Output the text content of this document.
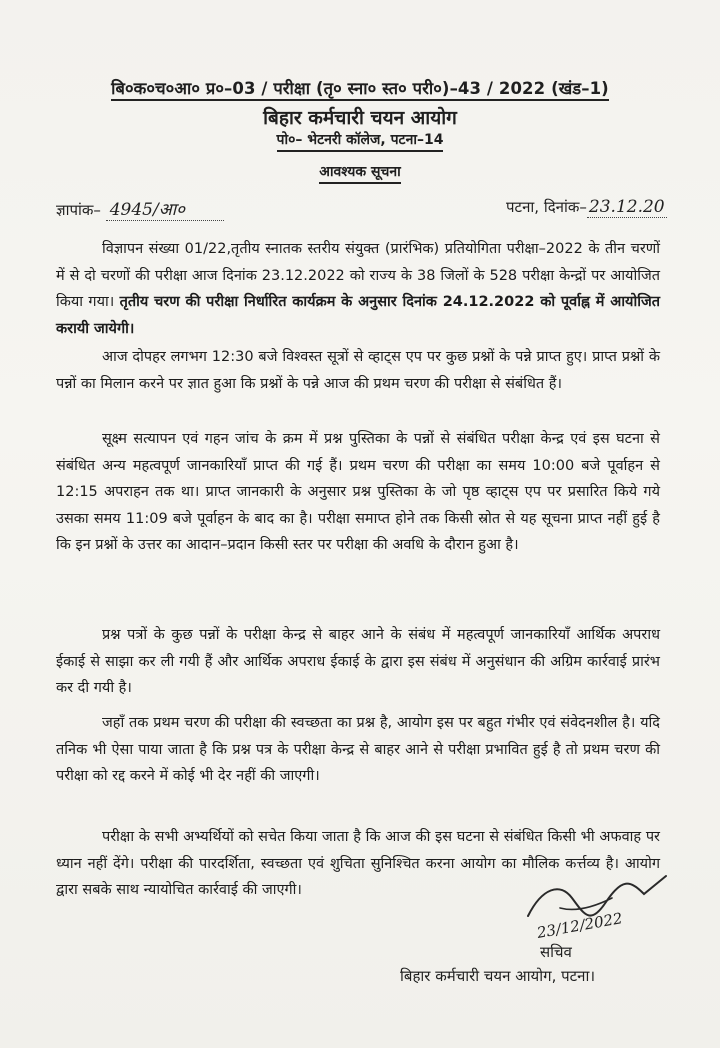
बि०क०च०आ० प्र०–03 / परीक्षा (तृ० स्ना० स्त० परी०)–43 / 2022 (खंड–1)
बिहार कर्मचारी चयन आयोग
पो०– भेटनरी कॉलेज, पटना–14
आवश्यक सूचना
ज्ञापांक– 4945/आ०	पटना, दिनांक– 23.12.20
विज्ञापन संख्या 01/22,तृतीय स्नातक स्तरीय संयुक्त (प्रारंभिक) प्रतियोगिता परीक्षा–2022 के तीन चरणों में से दो चरणों की परीक्षा आज दिनांक 23.12.2022 को राज्य के 38 जिलों के 528 परीक्षा केन्द्रों पर आयोजित किया गया। तृतीय चरण की परीक्षा निर्धारित कार्यक्रम के अनुसार दिनांक 24.12.2022 को पूर्वाह्न में आयोजित करायी जायेगी।
आज दोपहर लगभग 12:30 बजे विश्वस्त सूत्रों से व्हाट्स एप पर कुछ प्रश्नों के पन्ने प्राप्त हुए। प्राप्त प्रश्नों के पन्नों का मिलान करने पर ज्ञात हुआ कि प्रश्नों के पन्ने आज की प्रथम चरण की परीक्षा से संबंधित हैं।
सूक्ष्म सत्यापन एवं गहन जांच के क्रम में प्रश्न पुस्तिका के पन्नों से संबंधित परीक्षा केन्द्र एवं इस घटना से संबंधित अन्य महत्वपूर्ण जानकारियाँ प्राप्त की गई हैं। प्रथम चरण की परीक्षा का समय 10:00 बजे पूर्वाहन से 12:15 अपराहन तक था। प्राप्त जानकारी के अनुसार प्रश्न पुस्तिका के जो पृष्ठ व्हाट्स एप पर प्रसारित किये गये उसका समय 11:09 बजे पूर्वाहन के बाद का है। परीक्षा समाप्त होने तक किसी स्रोत से यह सूचना प्राप्त नहीं हुई है कि इन प्रश्नों के उत्तर का आदान–प्रदान किसी स्तर पर परीक्षा की अवधि के दौरान हुआ है।
प्रश्न पत्रों के कुछ पन्नों के परीक्षा केन्द्र से बाहर आने के संबंध में महत्वपूर्ण जानकारियाँ आर्थिक अपराध ईकाई से साझा कर ली गयी हैं और आर्थिक अपराध ईकाई के द्वारा इस संबंध में अनुसंधान की अग्रिम कार्रवाई प्रारंभ कर दी गयी है।
जहाँ तक प्रथम चरण की परीक्षा की स्वच्छता का प्रश्न है, आयोग इस पर बहुत गंभीर एवं संवेदनशील है। यदि तनिक भी ऐसा पाया जाता है कि प्रश्न पत्र के परीक्षा केन्द्र से बाहर आने से परीक्षा प्रभावित हुई है तो प्रथम चरण की परीक्षा को रद्द करने में कोई भी देर नहीं की जाएगी।
परीक्षा के सभी अभ्यर्थियों को सचेत किया जाता है कि आज की इस घटना से संबंधित किसी भी अफवाह पर ध्यान नहीं देंगे। परीक्षा की पारदर्शिता, स्वच्छता एवं शुचिता सुनिश्चित करना आयोग का मौलिक कर्त्तव्य है। आयोग द्वारा सबके साथ न्यायोचित कार्रवाई की जाएगी।
23/12/2022
सचिव
बिहार कर्मचारी चयन आयोग, पटना।
